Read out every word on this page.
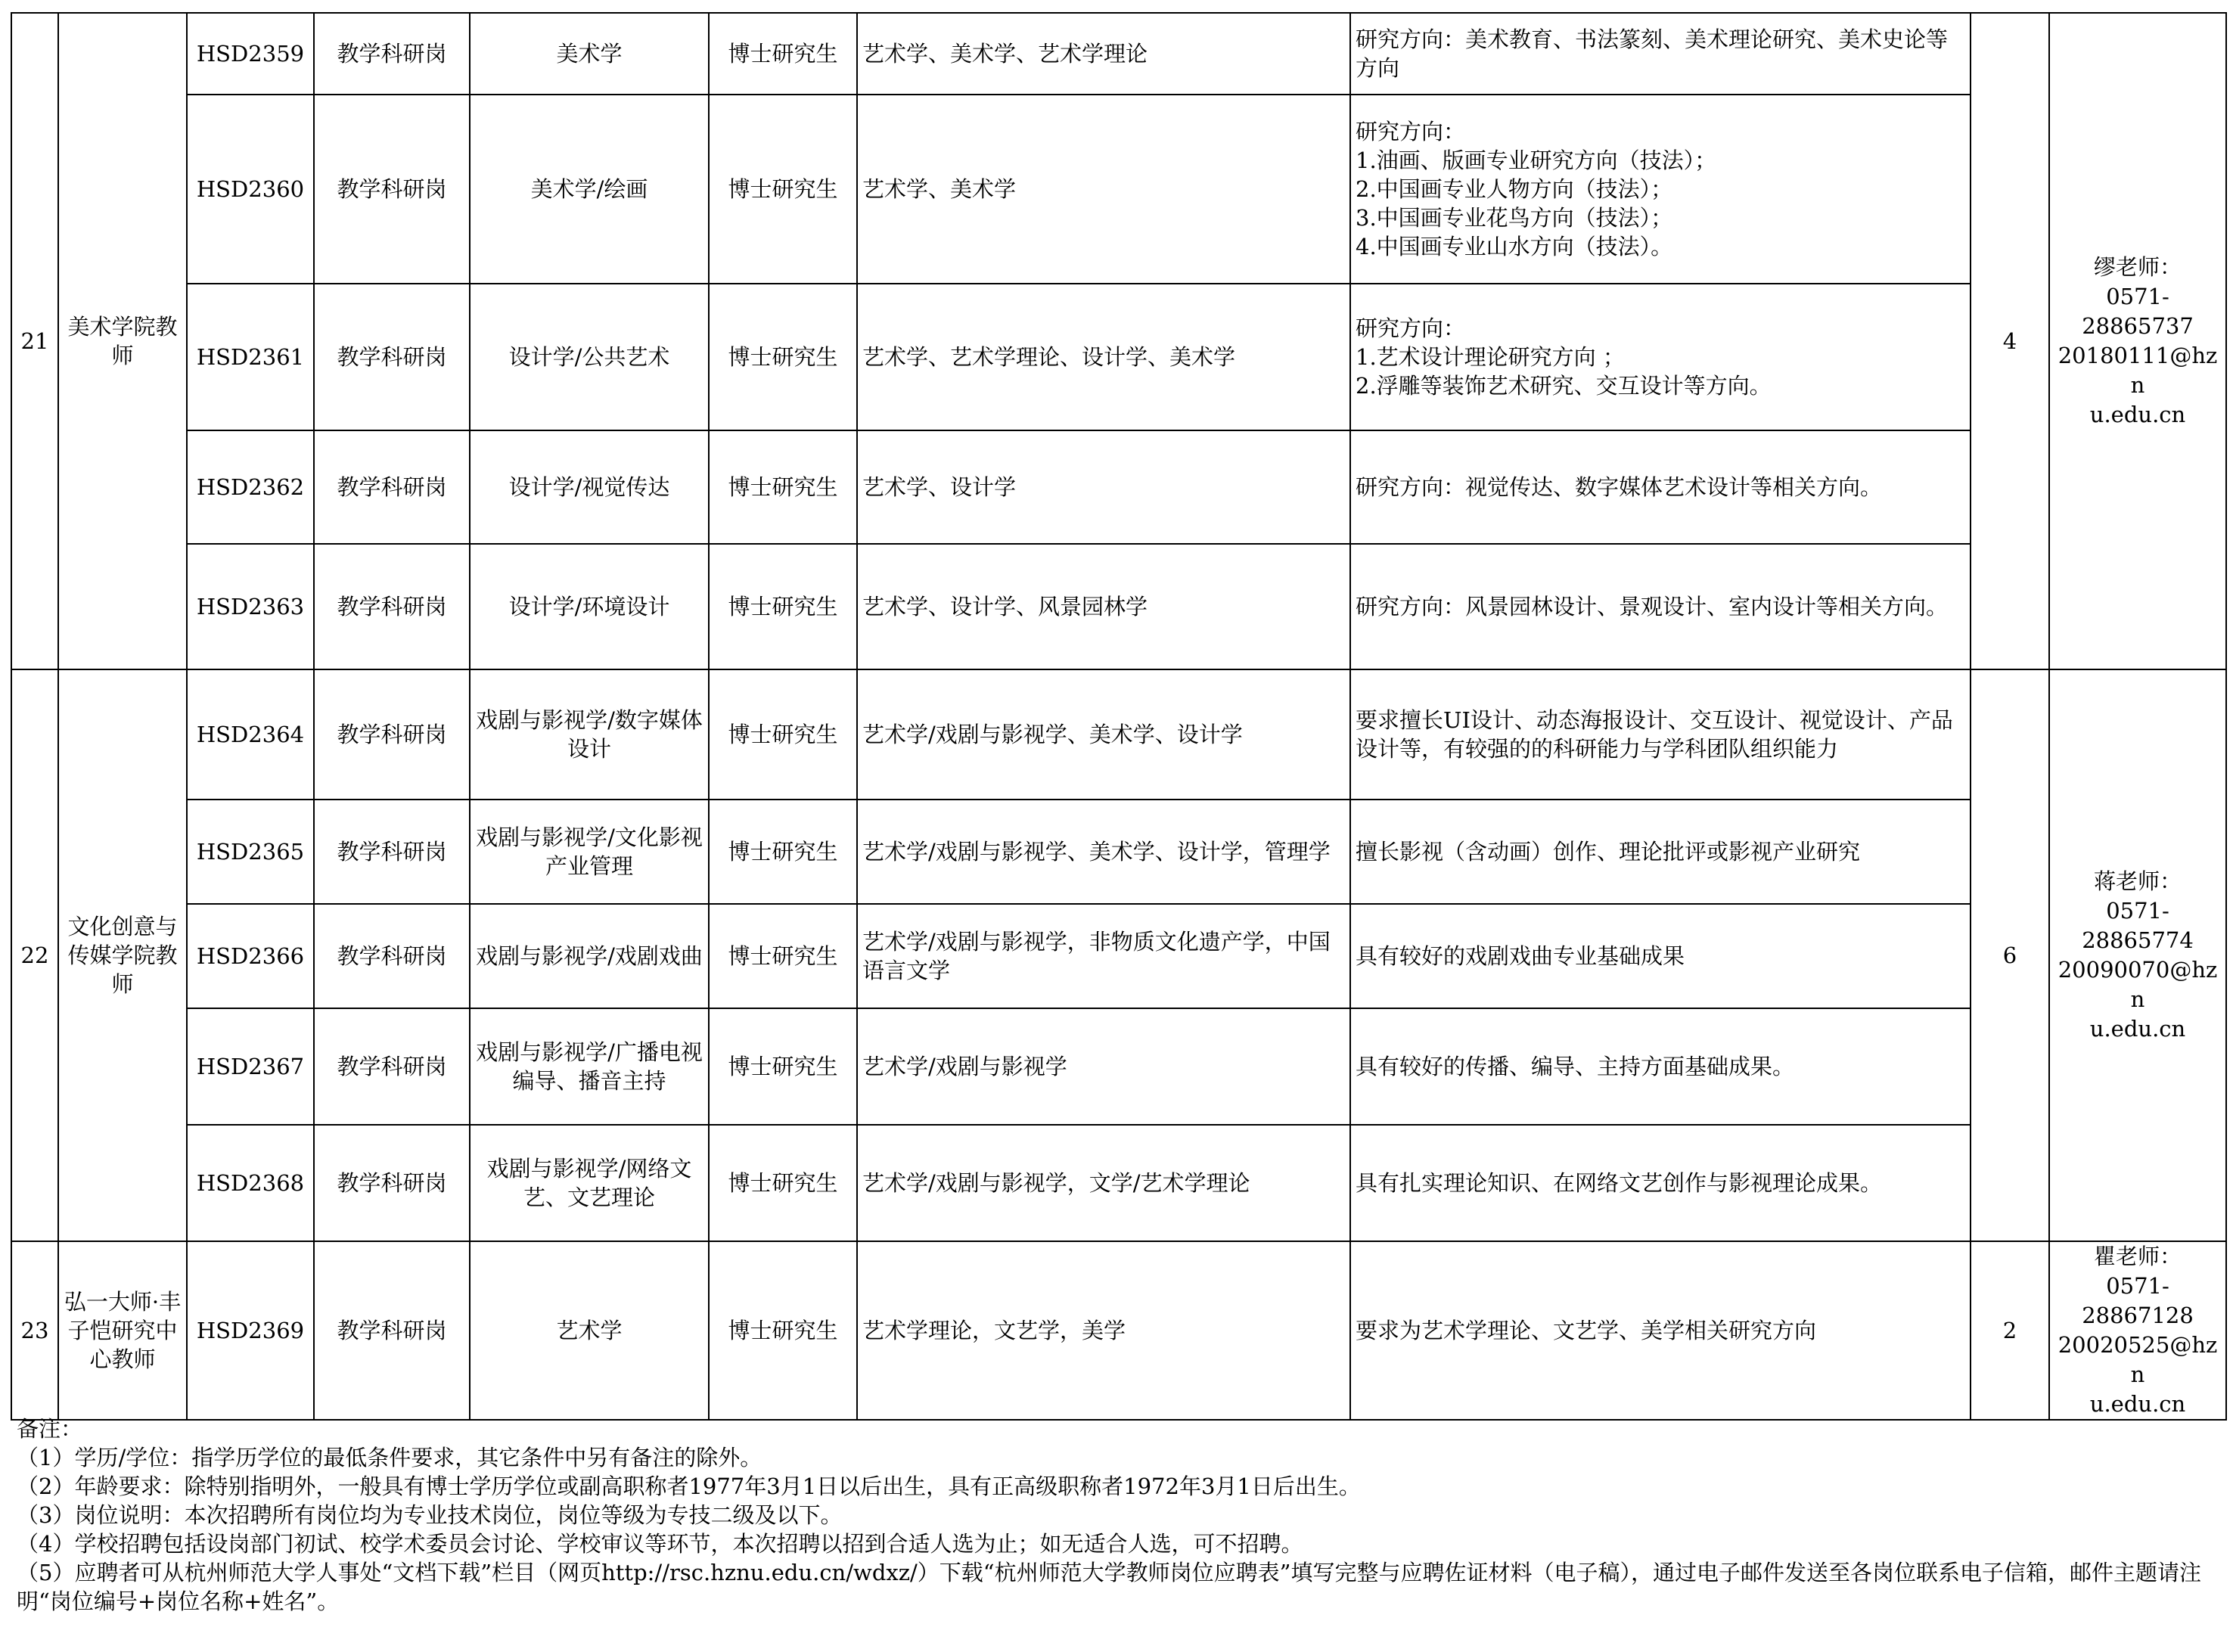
21	美术学院教师	HSD2359	教学科研岗	美术学	博士研究生	艺术学、美术学、艺术学理论	研究方向：美术教育、书法篆刻、美术理论研究、美术史论等方向	4	缪老师：
0571-
28865737
20180111@hzn
u.edu.cn

		HSD2360	教学科研岗	美术学/绘画	博士研究生	艺术学、美术学	研究方向：
1.油画、版画专业研究方向（技法）；
2.中国画专业人物方向（技法）；
3.中国画专业花鸟方向（技法）；
4.中国画专业山水方向（技法）。		

		HSD2361	教学科研岗	设计学/公共艺术	博士研究生	艺术学、艺术学理论、设计学、美术学	研究方向：
1.艺术设计理论研究方向 ；
2.浮雕等装饰艺术研究、交互设计等方向。		

		HSD2362	教学科研岗	设计学/视觉传达	博士研究生	艺术学、设计学	研究方向：视觉传达、数字媒体艺术设计等相关方向。		

		HSD2363	教学科研岗	设计学/环境设计	博士研究生	艺术学、设计学、风景园林学	研究方向：风景园林设计、景观设计、室内设计等相关方向。		

22	文化创意与传媒学院教师	HSD2364	教学科研岗	戏剧与影视学/数字媒体设计	博士研究生	艺术学/戏剧与影视学、美术学、设计学	要求擅长UI设计、动态海报设计、交互设计、视觉设计、产品设计等，有较强的的科研能力与学科团队组织能力	6	蒋老师：
0571-
28865774
20090070@hzn
u.edu.cn

		HSD2365	教学科研岗	戏剧与影视学/文化影视产业管理	博士研究生	艺术学/戏剧与影视学、美术学、设计学，管理学	擅长影视（含动画）创作、理论批评或影视产业研究		

		HSD2366	教学科研岗	戏剧与影视学/戏剧戏曲	博士研究生	艺术学/戏剧与影视学，非物质文化遗产学，中国语言文学	具有较好的戏剧戏曲专业基础成果		

		HSD2367	教学科研岗	戏剧与影视学/广播电视编导、播音主持	博士研究生	艺术学/戏剧与影视学	具有较好的传播、编导、主持方面基础成果。		

		HSD2368	教学科研岗	戏剧与影视学/网络文艺、文艺理论	博士研究生	艺术学/戏剧与影视学，文学/艺术学理论	具有扎实理论知识、在网络文艺创作与影视理论成果。		

23	弘一大师·丰子恺研究中心教师	HSD2369	教学科研岗	艺术学	博士研究生	艺术学理论，文艺学，美学	要求为艺术学理论、文艺学、美学相关研究方向	2	瞿老师：
0571-
28867128
20020525@hzn
u.edu.cn
备注：
（1）学历/学位：指学历学位的最低条件要求，其它条件中另有备注的除外。
（2）年龄要求：除特别指明外，一般具有博士学历学位或副高职称者1977年3月1日以后出生，具有正高级职称者1972年3月1日后出生。
（3）岗位说明：本次招聘所有岗位均为专业技术岗位，岗位等级为专技二级及以下。
（4）学校招聘包括设岗部门初试、校学术委员会讨论、学校审议等环节，本次招聘以招到合适人选为止；如无适合人选，可不招聘。
（5）应聘者可从杭州师范大学人事处“文档下载”栏目（网页http://rsc.hznu.edu.cn/wdxz/）下载“杭州师范大学教师岗位应聘表”填写完整与应聘佐证材料（电子稿），通过电子邮件发送至各岗位联系电子信箱，邮件主题请注明“岗位编号+岗位名称+姓名”。
